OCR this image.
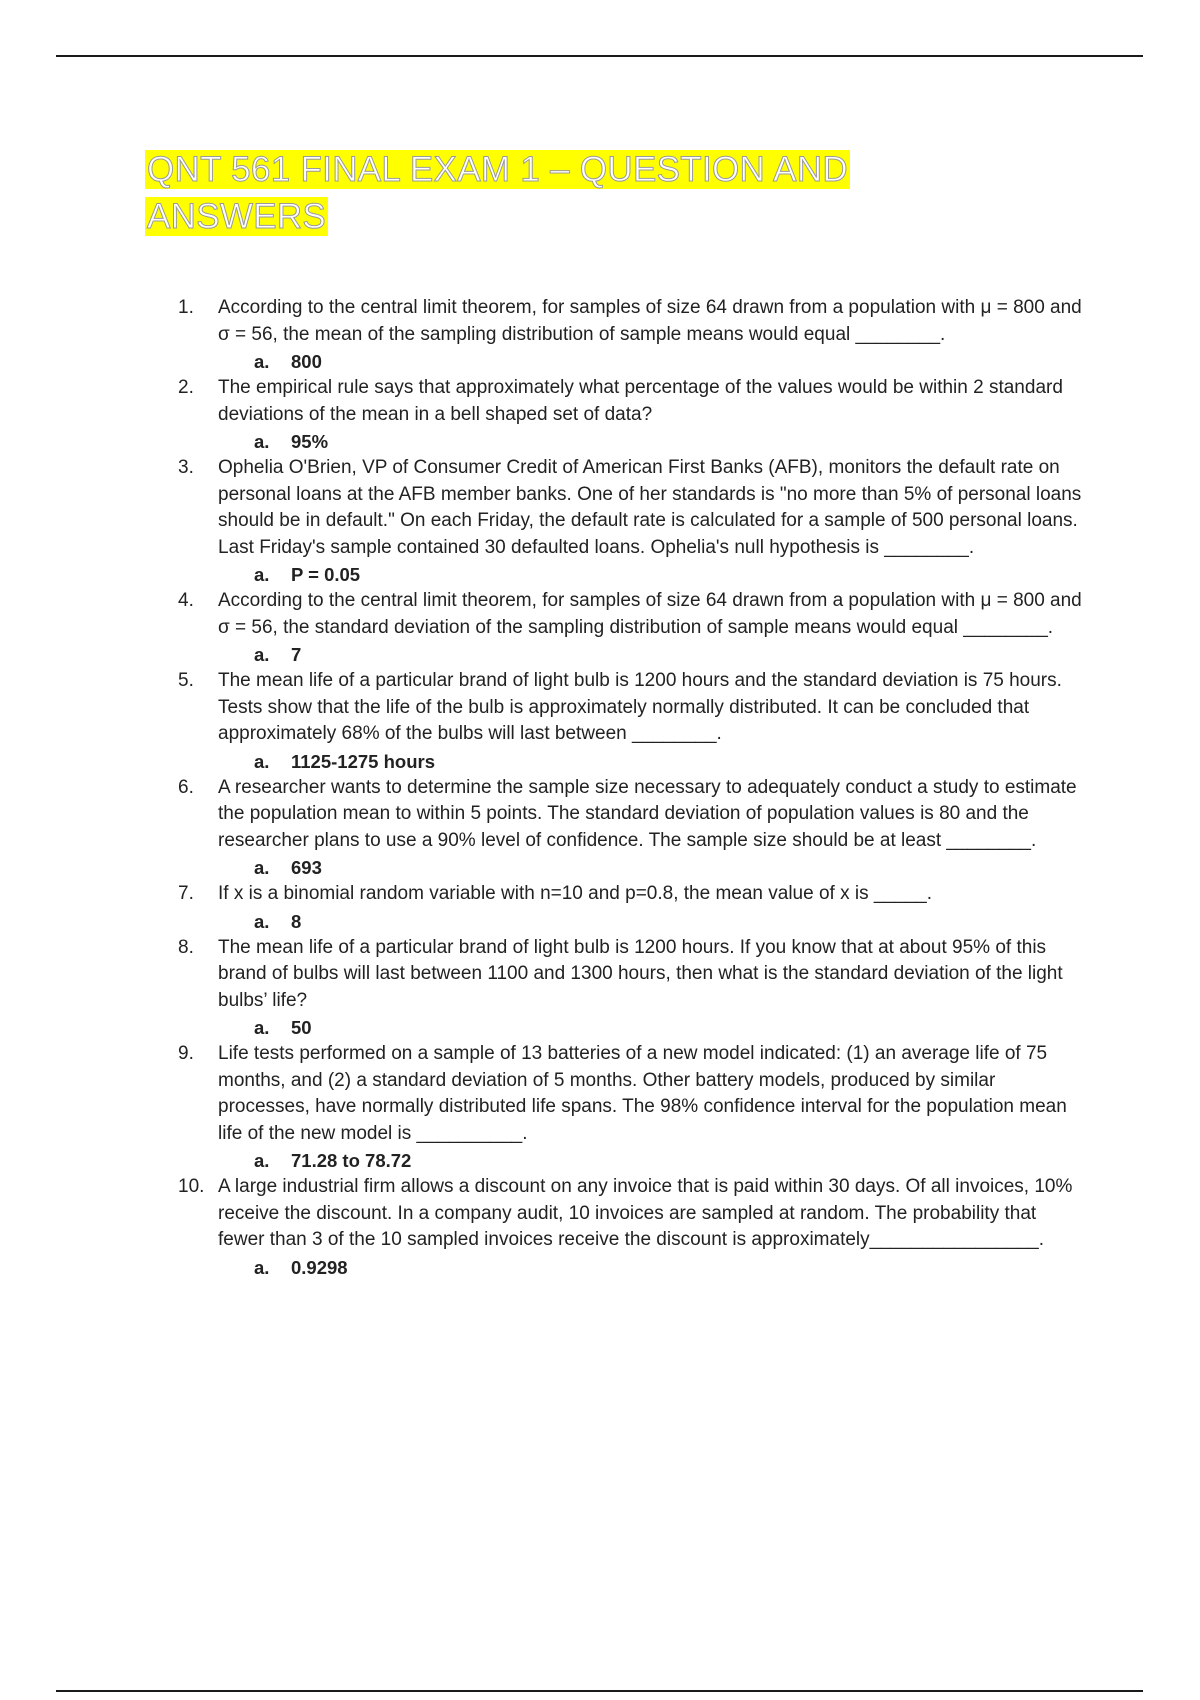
QNT 561 FINAL EXAM 1 – QUESTION AND ANSWERS
1.	According to the central limit theorem, for samples of size 64 drawn from a population with μ = 800 and σ = 56, the mean of the sampling distribution of sample means would equal ________.

a. 800

2.	The empirical rule says that approximately what percentage of the values would be within 2 standard deviations of the mean in a bell shaped set of data?

a. 95%

3.	Ophelia O'Brien, VP of Consumer Credit of American First Banks (AFB), monitors the default rate on personal loans at the AFB member banks. One of her standards is "no more than 5% of personal loans should be in default." On each Friday, the default rate is calculated for a sample of 500 personal loans. Last Friday's sample contained 30 defaulted loans. Ophelia's null hypothesis is ________.

a. P = 0.05

4.	According to the central limit theorem, for samples of size 64 drawn from a population with μ = 800 and σ = 56, the standard deviation of the sampling distribution of sample means would equal ________.

a. 7

5.	The mean life of a particular brand of light bulb is 1200 hours and the standard deviation is 75 hours. Tests show that the life of the bulb is approximately normally distributed. It can be concluded that approximately 68% of the bulbs will last between ________.

a. 1125-1275 hours

6.	A researcher wants to determine the sample size necessary to adequately conduct a study to estimate the population mean to within 5 points. The standard deviation of population values is 80 and the researcher plans to use a 90% level of confidence. The sample size should be at least ________.

a. 693

7.	If x is a binomial random variable with n=10 and p=0.8, the mean value of x is _____.

a. 8

8.	The mean life of a particular brand of light bulb is 1200 hours. If you know that at about 95% of this brand of bulbs will last between 1100 and 1300 hours, then what is the standard deviation of the light bulbs’ life?

a. 50

9.	Life tests performed on a sample of 13 batteries of a new model indicated: (1) an average life of 75 months, and (2) a standard deviation of 5 months. Other battery models, produced by similar processes, have normally distributed life spans. The 98% confidence interval for the population mean life of the new model is __________.

a. 71.28 to 78.72

10. A large industrial firm allows a discount on any invoice that is paid within 30 days. Of all invoices, 10% receive the discount. In a company audit, 10 invoices are sampled at random. The probability that fewer than 3 of the 10 sampled invoices receive the discount is approximately________________.

a. 0.9298
